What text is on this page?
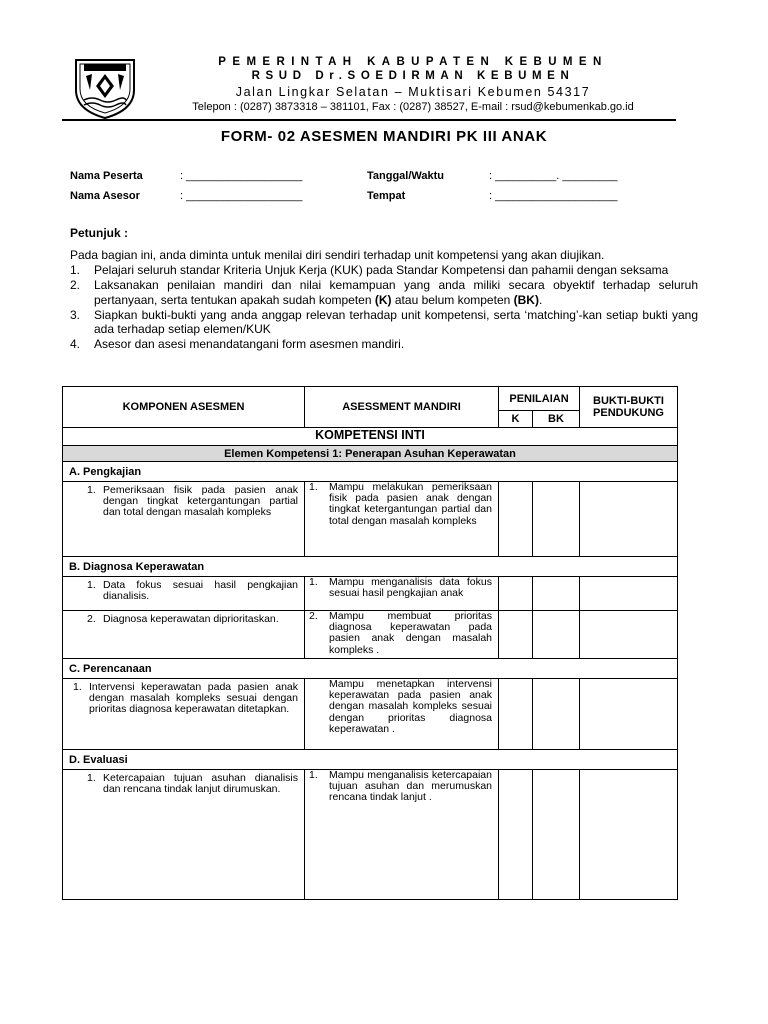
PEMERINTAH KABUPATEN KEBUMEN
RSUD Dr.SOEDIRMAN KEBUMEN
Jalan Lingkar Selatan – Muktisari Kebumen 54317
Telepon : (0287) 3873318 – 381101, Fax : (0287) 38527, E-mail : rsud@kebumenkab.go.id
FORM- 02 ASESMEN MANDIRI PK III ANAK
Nama Peserta	: ___________________
Nama Asesor	: ___________________
Tanggal/Waktu	: __________. _________
Tempat	: ____________________
Petunjuk :
Pada bagian ini, anda diminta untuk menilai diri sendiri terhadap unit kompetensi yang akan diujikan.
1. Pelajari seluruh standar Kriteria Unjuk Kerja (KUK) pada Standar Kompetensi dan pahamii dengan seksama
2. Laksanakan penilaian mandiri dan nilai kemampuan yang anda miliki secara obyektif terhadap seluruh pertanyaan, serta tentukan apakah sudah kompeten (K) atau belum kompeten (BK).
3. Siapkan bukti-bukti yang anda anggap relevan terhadap unit kompetensi, serta ‘matching’-kan setiap bukti yang ada terhadap setiap elemen/KUK
4. Asesor dan asesi menandatangani form asesmen mandiri.
KOMPONEN ASESMEN	ASESSMENT MANDIRI	PENILAIAN		BUKTI-BUKTI PENDUKUNG
		K	BK	
KOMPETENSI INTI				
Elemen Kompetensi 1: Penerapan Asuhan Keperawatan				
A. Pengkajian				

1. Pemeriksaan fisik pada pasien anak dengan tingkat ketergantungan partial dan total dengan masalah kompleks	1. Mampu melakukan pemeriksaan fisik pada pasien anak dengan tingkat ketergantungan partial dan total dengan masalah kompleks			

B. Diagnosa Keperawatan				

1. Data fokus sesuai hasil pengkajian dianalisis.	1. Mampu menganalisis data fokus sesuai hasil pengkajian anak			

2. Diagnosa keperawatan diprioritaskan.	2. Mampu membuat prioritas diagnosa keperawatan pada pasien anak dengan masalah kompleks .			

C. Perencanaan				

1. Intervensi keperawatan pada pasien anak dengan masalah kompleks sesuai dengan prioritas diagnosa keperawatan ditetapkan.	Mampu menetapkan intervensi keperawatan pada pasien anak dengan masalah kompleks sesuai dengan prioritas diagnosa keperawatan .			

D. Evaluasi				

1. Ketercapaian tujuan asuhan dianalisis dan rencana tindak lanjut dirumuskan.	1. Mampu menganalisis ketercapaian tujuan asuhan dan merumuskan rencana tindak lanjut .			
